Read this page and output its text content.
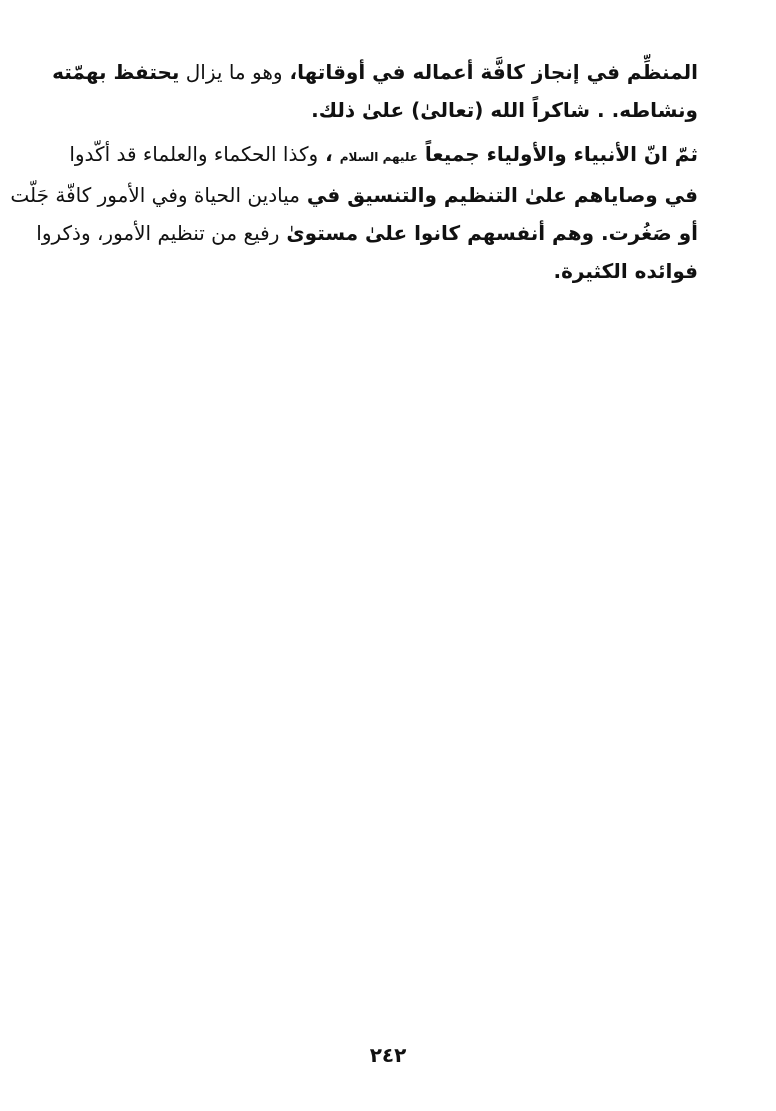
المنظِّم في إنجاز كافَّة أعماله في أوقاتها، وهو ما يزال يحتفظ بهمّته
ونشاطه. . شاكراً الله (تعالىٰ) علىٰ ذلك.
ثمّ انّ الأنبياء والأولياء جميعاً عليهم السلام ، وكذا الحكماء والعلماء قد أكّدوا
في وصاياهم علىٰ التنظيم والتنسيق في ميادين الحياة وفي الأمور كافّة جَلّت
أو صَغُرت. وهم أنفسهم كانوا علىٰ مستوىٰ رفيع من تنظيم الأمور، وذكروا
فوائده الكثيرة.
٢٤٢
